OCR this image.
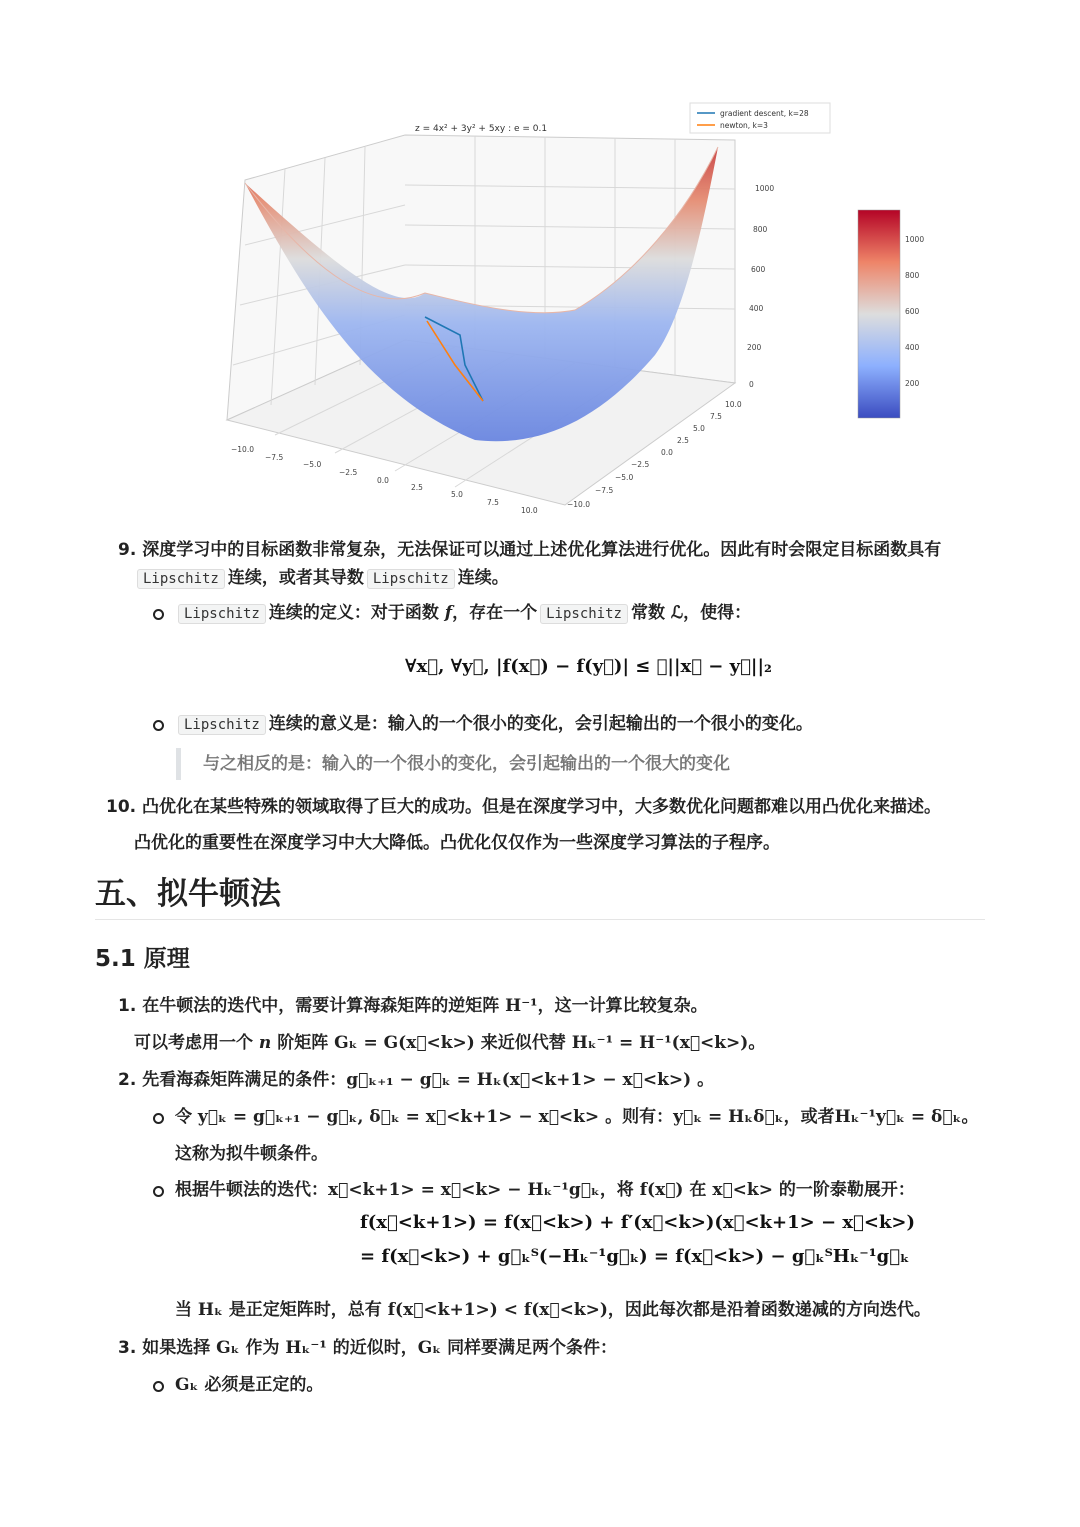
z = 4x² + 3y² + 5xy : e = 0.1
gradient descent, k=28
newton, k=3
1000
800
600
400
200
0
−10.0
−7.5
−5.0
−2.5
0.0
2.5
5.0
7.5
10.0
10.0
7.5
5.0
2.5
0.0
−2.5
−5.0
−7.5
−10.0
1000
800
600
400
200
9. 深度学习中的目标函数非常复杂，无法保证可以通过上述优化算法进行优化。因此有时会限定目标函数具有
Lipschitz 连续，或者其导数 Lipschitz 连续。
Lipschitz 连续的定义：对于函数 f，存在一个 Lipschitz 常数 ℒ，使得：
∀x⃗, ∀y⃗, |f(x⃗) − f(y⃗)| ≤ ℒ||x⃗ − y⃗||₂
Lipschitz 连续的意义是：输入的一个很小的变化，会引起输出的一个很小的变化。
与之相反的是：输入的一个很小的变化，会引起输出的一个很大的变化
10. 凸优化在某些特殊的领域取得了巨大的成功。但是在深度学习中，大多数优化问题都难以用凸优化来描述。
凸优化的重要性在深度学习中大大降低。凸优化仅仅作为一些深度学习算法的子程序。
五、拟牛顿法
5.1 原理
1. 在牛顿法的迭代中，需要计算海森矩阵的逆矩阵 H⁻¹，这一计算比较复杂。
可以考虑用一个 n 阶矩阵 Gₖ = G(x⃗<k>) 来近似代替 Hₖ⁻¹ = H⁻¹(x⃗<k>)。
2. 先看海森矩阵满足的条件：g⃗ₖ₊₁ − g⃗ₖ = Hₖ(x⃗<k+1> − x⃗<k>) 。
令 y⃗ₖ = g⃗ₖ₊₁ − g⃗ₖ, δ⃗ₖ = x⃗<k+1> − x⃗<k> 。则有：y⃗ₖ = Hₖδ⃗ₖ，或者Hₖ⁻¹y⃗ₖ = δ⃗ₖ。
这称为拟牛顿条件。
根据牛顿法的迭代：x⃗<k+1> = x⃗<k> − Hₖ⁻¹g⃗ₖ，将 f(x⃗) 在 x⃗<k> 的一阶泰勒展开：
f(x⃗<k+1>) = f(x⃗<k>) + f′(x⃗<k>)(x⃗<k+1> − x⃗<k>)
= f(x⃗<k>) + g⃗ₖᵀ(−Hₖ⁻¹g⃗ₖ) = f(x⃗<k>) − g⃗ₖᵀHₖ⁻¹g⃗ₖ
当 Hₖ 是正定矩阵时，总有 f(x⃗<k+1>) < f(x⃗<k>)，因此每次都是沿着函数递减的方向迭代。
3. 如果选择 Gₖ 作为 Hₖ⁻¹ 的近似时，Gₖ 同样要满足两个条件：
Gₖ 必须是正定的。
